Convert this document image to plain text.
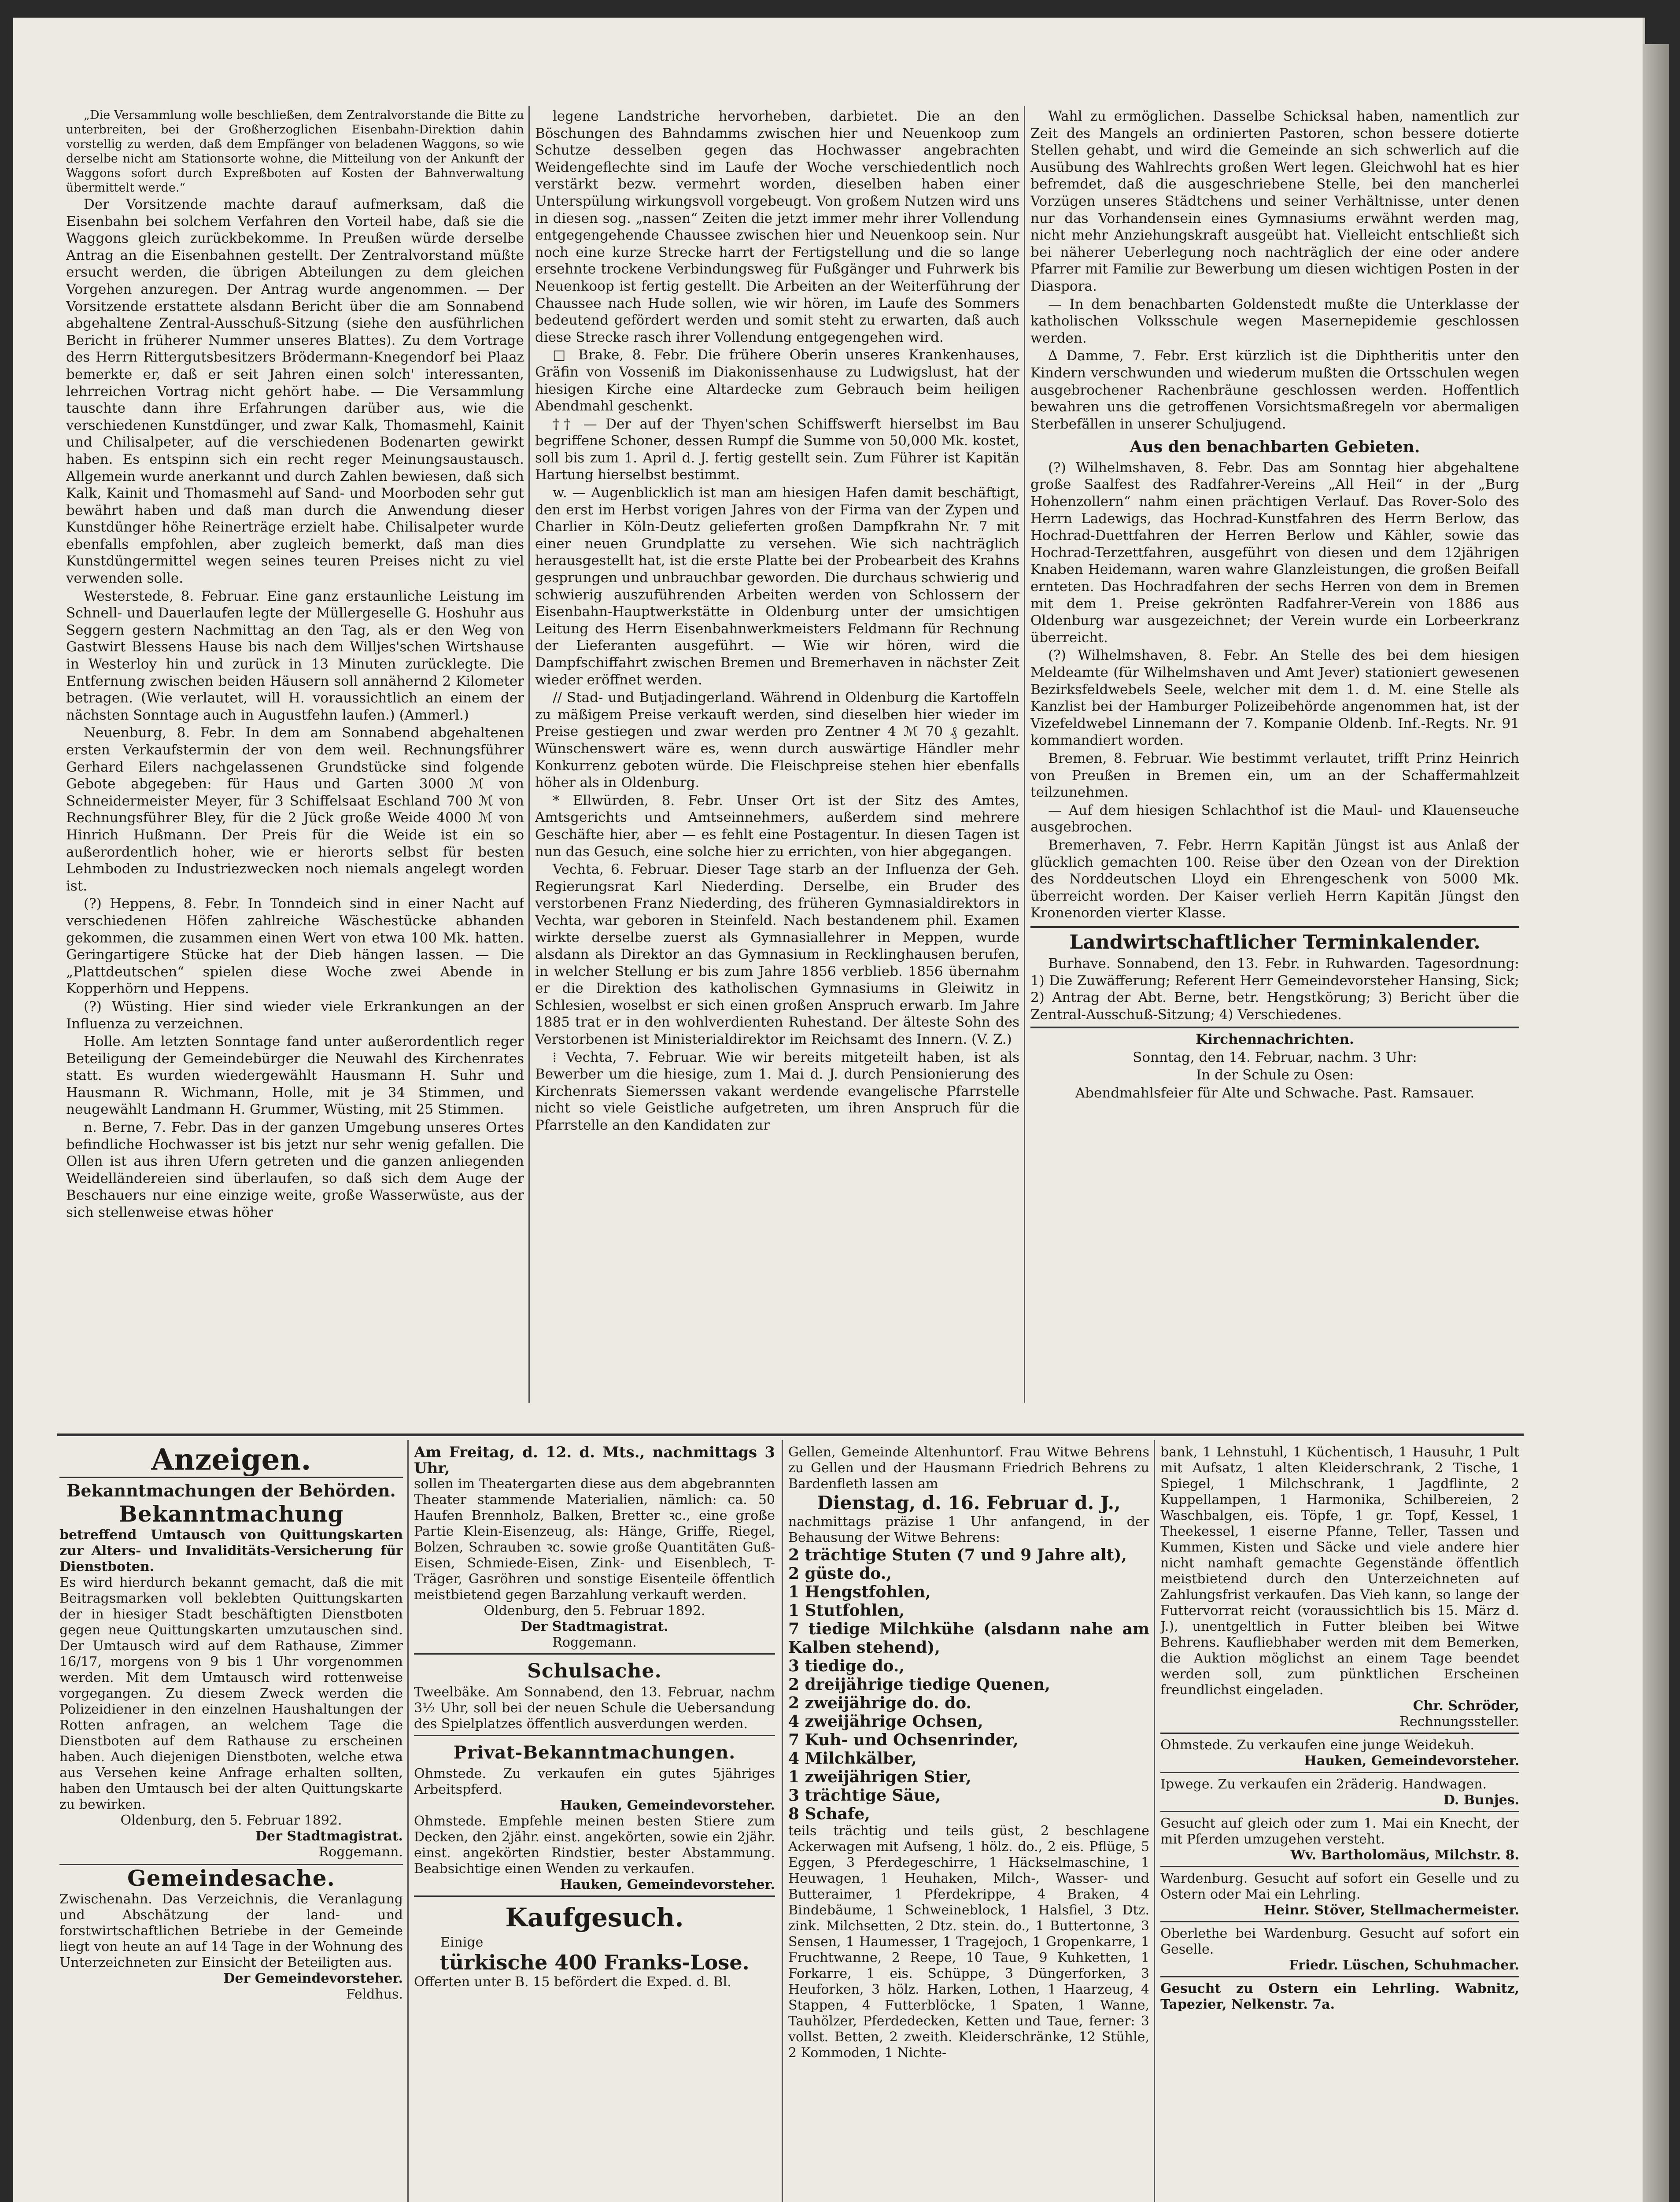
„Die Versammlung wolle beschließen, dem Zentralvorstande die Bitte zu unterbreiten, bei der Großherzoglichen Eisenbahn-Direktion dahin vorstellig zu werden, daß dem Empfänger von beladenen Waggons, so wie derselbe nicht am Stationsorte wohne, die Mitteilung von der Ankunft der Waggons sofort durch Expreßboten auf Kosten der Bahnverwaltung übermittelt werde.“

Der Vorsitzende machte darauf aufmerksam, daß die Eisenbahn bei solchem Verfahren den Vorteil habe, daß sie die Waggons gleich zurückbekomme. In Preußen würde derselbe Antrag an die Eisenbahnen gestellt. Der Zentralvorstand müßte ersucht werden, die übrigen Abteilungen zu dem gleichen Vorgehen anzuregen. Der Antrag wurde angenommen. — Der Vorsitzende erstattete alsdann Bericht über die am Sonnabend abgehaltene Zentral-Ausschuß-Sitzung (siehe den ausführlichen Bericht in früherer Nummer unseres Blattes). Zu dem Vortrage des Herrn Rittergutsbesitzers Brödermann-Knegendorf bei Plaaz bemerkte er, daß er seit Jahren einen solch' interessanten, lehrreichen Vortrag nicht gehört habe. — Die Versammlung tauschte dann ihre Erfahrungen darüber aus, wie die verschiedenen Kunstdünger, und zwar Kalk, Thomasmehl, Kainit und Chilisalpeter, auf die verschiedenen Bodenarten gewirkt haben. Es entspinn sich ein recht reger Meinungsaustausch. Allgemein wurde anerkannt und durch Zahlen bewiesen, daß sich Kalk, Kainit und Thomasmehl auf Sand- und Moorboden sehr gut bewährt haben und daß man durch die Anwendung dieser Kunstdünger höhe Reinerträge erzielt habe. Chilisalpeter wurde ebenfalls empfohlen, aber zugleich bemerkt, daß man dies Kunstdüngermittel wegen seines teuren Preises nicht zu viel verwenden solle.

Westerstede, 8. Februar. Eine ganz erstaunliche Leistung im Schnell- und Dauerlaufen legte der Müllergeselle G. Hoshuhr aus Seggern gestern Nachmittag an den Tag, als er den Weg von Gastwirt Blessens Hause bis nach dem Willjes'schen Wirtshause in Westerloy hin und zurück in 13 Minuten zurücklegte. Die Entfernung zwischen beiden Häusern soll annähernd 2 Kilometer betragen. (Wie verlautet, will H. voraussichtlich an einem der nächsten Sonntage auch in Augustfehn laufen.) (Ammerl.)

Neuenburg, 8. Febr. In dem am Sonnabend abgehaltenen ersten Verkaufstermin der von dem weil. Rechnungsführer Gerhard Eilers nachgelassenen Grundstücke sind folgende Gebote abgegeben: für Haus und Garten 3000 ℳ von Schneidermeister Meyer, für 3 Schiffelsaat Eschland 700 ℳ von Rechnungsführer Bley, für die 2 Jück große Weide 4000 ℳ von Hinrich Hußmann. Der Preis für die Weide ist ein so außerordentlich hoher, wie er hierorts selbst für besten Lehmboden zu Industriezwecken noch niemals angelegt worden ist.

(?) Heppens, 8. Febr. In Tonndeich sind in einer Nacht auf verschiedenen Höfen zahlreiche Wäschestücke abhanden gekommen, die zusammen einen Wert von etwa 100 Mk. hatten. Geringartigere Stücke hat der Dieb hängen lassen. — Die „Plattdeutschen“ spielen diese Woche zwei Abende in Kopperhörn und Heppens.

(?) Wüsting. Hier sind wieder viele Erkrankungen an der Influenza zu verzeichnen.

Holle. Am letzten Sonntage fand unter außerordentlich reger Beteiligung der Gemeindebürger die Neuwahl des Kirchenrates statt. Es wurden wiedergewählt Hausmann H. Suhr und Hausmann R. Wichmann, Holle, mit je 34 Stimmen, und neugewählt Landmann H. Grummer, Wüsting, mit 25 Stimmen.

n. Berne, 7. Febr. Das in der ganzen Umgebung unseres Ortes befindliche Hochwasser ist bis jetzt nur sehr wenig gefallen. Die Ollen ist aus ihren Ufern getreten und die ganzen anliegenden Weidelländereien sind überlaufen, so daß sich dem Auge der Beschauers nur eine einzige weite, große Wasserwüste, aus der sich stellenweise etwas höher

legene Landstriche hervorheben, darbietet. Die an den Böschungen des Bahndamms zwischen hier und Neuenkoop zum Schutze desselben gegen das Hochwasser angebrachten Weidengeflechte sind im Laufe der Woche verschiedentlich noch verstärkt bezw. vermehrt worden, dieselben haben einer Unterspülung wirkungsvoll vorgebeugt. Von großem Nutzen wird uns in diesen sog. „nassen“ Zeiten die jetzt immer mehr ihrer Vollendung entgegengehende Chaussee zwischen hier und Neuenkoop sein. Nur noch eine kurze Strecke harrt der Fertigstellung und die so lange ersehnte trockene Verbindungsweg für Fußgänger und Fuhrwerk bis Neuenkoop ist fertig gestellt. Die Arbeiten an der Weiterführung der Chaussee nach Hude sollen, wie wir hören, im Laufe des Sommers bedeutend gefördert werden und somit steht zu erwarten, daß auch diese Strecke rasch ihrer Vollendung entgegengehen wird.

□ Brake, 8. Febr. Die frühere Oberin unseres Krankenhauses, Gräfin von Vosseniß im Diakonissenhause zu Ludwigslust, hat der hiesigen Kirche eine Altardecke zum Gebrauch beim heiligen Abendmahl geschenkt.

†† — Der auf der Thyen'schen Schiffswerft hierselbst im Bau begriffene Schoner, dessen Rumpf die Summe von 50,000 Mk. kostet, soll bis zum 1. April d. J. fertig gestellt sein. Zum Führer ist Kapitän Hartung hierselbst bestimmt.

w. — Augenblicklich ist man am hiesigen Hafen damit beschäftigt, den erst im Herbst vorigen Jahres von der Firma van der Zypen und Charlier in Köln-Deutz gelieferten großen Dampfkrahn Nr. 7 mit einer neuen Grundplatte zu versehen. Wie sich nachträglich herausgestellt hat, ist die erste Platte bei der Probearbeit des Krahns gesprungen und unbrauchbar geworden. Die durchaus schwierig und schwierig auszuführenden Arbeiten werden von Schlossern der Eisenbahn-Hauptwerkstätte in Oldenburg unter der umsichtigen Leitung des Herrn Eisenbahnwerkmeisters Feldmann für Rechnung der Lieferanten ausgeführt. — Wie wir hören, wird die Dampfschiffahrt zwischen Bremen und Bremerhaven in nächster Zeit wieder eröffnet werden.

// Stad- und Butjadingerland. Während in Oldenburg die Kartoffeln zu mäßigem Preise verkauft werden, sind dieselben hier wieder im Preise gestiegen und zwar werden pro Zentner 4 ℳ 70 ₰ gezahlt. Wünschenswert wäre es, wenn durch auswärtige Händler mehr Konkurrenz geboten würde. Die Fleischpreise stehen hier ebenfalls höher als in Oldenburg.

* Ellwürden, 8. Febr. Unser Ort ist der Sitz des Amtes, Amtsgerichts und Amtseinnehmers, außerdem sind mehrere Geschäfte hier, aber — es fehlt eine Postagentur. In diesen Tagen ist nun das Gesuch, eine solche hier zu errichten, von hier abgegangen.

Vechta, 6. Februar. Dieser Tage starb an der Influenza der Geh. Regierungsrat Karl Niederding. Derselbe, ein Bruder des verstorbenen Franz Niederding, des früheren Gymnasialdirektors in Vechta, war geboren in Steinfeld. Nach bestandenem phil. Examen wirkte derselbe zuerst als Gymnasiallehrer in Meppen, wurde alsdann als Direktor an das Gymnasium in Recklinghausen berufen, in welcher Stellung er bis zum Jahre 1856 verblieb. 1856 übernahm er die Direktion des katholischen Gymnasiums in Gleiwitz in Schlesien, woselbst er sich einen großen Anspruch erwarb. Im Jahre 1885 trat er in den wohlverdienten Ruhestand. Der älteste Sohn des Verstorbenen ist Ministerialdirektor im Reichsamt des Innern. (V. Z.)

⁞ Vechta, 7. Februar. Wie wir bereits mitgeteilt haben, ist als Bewerber um die hiesige, zum 1. Mai d. J. durch Pensionierung des Kirchenrats Siemerssen vakant werdende evangelische Pfarrstelle nicht so viele Geistliche aufgetreten, um ihren Anspruch für die Pfarrstelle an den Kandidaten zur

Wahl zu ermöglichen. Dasselbe Schicksal haben, namentlich zur Zeit des Mangels an ordinierten Pastoren, schon bessere dotierte Stellen gehabt, und wird die Gemeinde an sich schwerlich auf die Ausübung des Wahlrechts großen Wert legen. Gleichwohl hat es hier befremdet, daß die ausgeschriebene Stelle, bei den mancherlei Vorzügen unseres Städtchens und seiner Verhältnisse, unter denen nur das Vorhandensein eines Gymnasiums erwähnt werden mag, nicht mehr Anziehungskraft ausgeübt hat. Vielleicht entschließt sich bei näherer Ueberlegung noch nachträglich der eine oder andere Pfarrer mit Familie zur Bewerbung um diesen wichtigen Posten in der Diaspora.

— In dem benachbarten Goldenstedt mußte die Unterklasse der katholischen Volksschule wegen Masernepidemie geschlossen werden.

∆ Damme, 7. Febr. Erst kürzlich ist die Diphtheritis unter den Kindern verschwunden und wiederum mußten die Ortsschulen wegen ausgebrochener Rachenbräune geschlossen werden. Hoffentlich bewahren uns die getroffenen Vorsichtsmaßregeln vor abermaligen Sterbefällen in unserer Schuljugend.

Aus den benachbarten Gebieten.

(?) Wilhelmshaven, 8. Febr. Das am Sonntag hier abgehaltene große Saalfest des Radfahrer-Vereins „All Heil“ in der „Burg Hohenzollern“ nahm einen prächtigen Verlauf. Das Rover-Solo des Herrn Ladewigs, das Hochrad-Kunstfahren des Herrn Berlow, das Hochrad-Duettfahren der Herren Berlow und Kähler, sowie das Hochrad-Terzettfahren, ausgeführt von diesen und dem 12jährigen Knaben Heidemann, waren wahre Glanzleistungen, die großen Beifall ernteten. Das Hochradfahren der sechs Herren von dem in Bremen mit dem 1. Preise gekrönten Radfahrer-Verein von 1886 aus Oldenburg war ausgezeichnet; der Verein wurde ein Lorbeerkranz überreicht.

(?) Wilhelmshaven, 8. Febr. An Stelle des bei dem hiesigen Meldeamte (für Wilhelmshaven und Amt Jever) stationiert gewesenen Bezirksfeldwebels Seele, welcher mit dem 1. d. M. eine Stelle als Kanzlist bei der Hamburger Polizeibehörde angenommen hat, ist der Vizefeldwebel Linnemann der 7. Kompanie Oldenb. Inf.-Regts. Nr. 91 kommandiert worden.

Bremen, 8. Februar. Wie bestimmt verlautet, trifft Prinz Heinrich von Preußen in Bremen ein, um an der Schaffermahlzeit teilzunehmen.

— Auf dem hiesigen Schlachthof ist die Maul- und Klauenseuche ausgebrochen.

Bremerhaven, 7. Febr. Herrn Kapitän Jüngst ist aus Anlaß der glücklich gemachten 100. Reise über den Ozean von der Direktion des Norddeutschen Lloyd ein Ehrengeschenk von 5000 Mk. überreicht worden. Der Kaiser verlieh Herrn Kapitän Jüngst den Kronenorden vierter Klasse.

Landwirtschaftlicher Terminkalender.

Burhave. Sonnabend, den 13. Febr. in Ruhwarden. Tagesordnung: 1) Die Zuwäfferung; Referent Herr Gemeindevorsteher Hansing, Sick; 2) Antrag der Abt. Berne, betr. Hengstkörung; 3) Bericht über die Zentral-Ausschuß-Sitzung; 4) Verschiedenes.

Kirchennachrichten.

Sonntag, den 14. Februar, nachm. 3 Uhr:

In der Schule zu Osen:

Abendmahlsfeier für Alte und Schwache. Past. Ramsauer.

Anzeigen.
Bekanntmachungen der Behörden.
Bekanntmachung

betreffend Umtausch von Quittungskarten zur Alters- und Invaliditäts-Versicherung für Dienstboten.

Es wird hierdurch bekannt gemacht, daß die mit Beitragsmarken voll beklebten Quittungskarten der in hiesiger Stadt beschäftigten Dienstboten gegen neue Quittungskarten umzutauschen sind. Der Umtausch wird auf dem Rathause, Zimmer 16/17, morgens von 9 bis 1 Uhr vorgenommen werden. Mit dem Umtausch wird rottenweise vorgegangen. Zu diesem Zweck werden die Polizeidiener in den einzelnen Haushaltungen der Rotten anfragen, an welchem Tage die Dienstboten auf dem Rathause zu erscheinen haben. Auch diejenigen Dienstboten, welche etwa aus Versehen keine Anfrage erhalten sollten, haben den Umtausch bei der alten Quittungskarte zu bewirken.

Oldenburg, den 5. Februar 1892.

Der Stadtmagistrat.

Roggemann.

Gemeindesache.

Zwischenahn. Das Verzeichnis, die Veranlagung und Abschätzung der land- und forstwirtschaftlichen Betriebe in der Gemeinde liegt von heute an auf 14 Tage in der Wohnung des Unterzeichneten zur Einsicht der Beteiligten aus.

Der Gemeindevorsteher.

Feldhus.

Am Freitag, d. 12. d. Mts., nachmittags 3 Uhr,

sollen im Theatergarten diese aus dem abgebrannten Theater stammende Materialien, nämlich: ca. 50 Haufen Brennholz, Balken, Bretter ꝛc., eine große Partie Klein-Eisenzeug, als: Hänge, Griffe, Riegel, Bolzen, Schrauben ꝛc. sowie große Quantitäten Guß-Eisen, Schmiede-Eisen, Zink- und Eisenblech, T-Träger, Gasröhren und sonstige Eisenteile öffentlich meistbietend gegen Barzahlung verkauft werden.

Oldenburg, den 5. Februar 1892.

Der Stadtmagistrat.

Roggemann.

Schulsache.

Tweelbäke. Am Sonnabend, den 13. Februar, nachm 3½ Uhr, soll bei der neuen Schule die Uebersandung des Spielplatzes öffentlich ausverdungen werden.

Privat-Bekanntmachungen.

Ohmstede. Zu verkaufen ein gutes 5jähriges Arbeitspferd.

Hauken, Gemeindevorsteher.

Ohmstede. Empfehle meinen besten Stiere zum Decken, den 2jähr. einst. angekörten, sowie ein 2jähr. einst. angekörten Rindstier, bester Abstammung. Beabsichtige einen Wenden zu verkaufen.

Hauken, Gemeindevorsteher.

Kaufgesuch.

Einige

türkische 400 Franks-Lose.

Offerten unter B. 15 befördert die Exped. d. Bl.

Gellen, Gemeinde Altenhuntorf. Frau Witwe Behrens zu Gellen und der Hausmann Friedrich Behrens zu Bardenfleth lassen am

Dienstag, d. 16. Februar d. J.,

nachmittags präzise 1 Uhr anfangend, in der Behausung der Witwe Behrens:

2 trächtige Stuten (7 und 9 Jahre alt),

2 güste do.,

1 Hengstfohlen,

1 Stutfohlen,

7 tiedige Milchkühe (alsdann nahe am Kalben stehend),

3 tiedige do.,

2 dreijährige tiedige Quenen,

2 zweijährige do. do.

4 zweijährige Ochsen,

7 Kuh- und Ochsenrinder,

4 Milchkälber,

1 zweijährigen Stier,

3 trächtige Säue,

8 Schafe,

teils trächtig und teils güst, 2 beschlagene Ackerwagen mit Aufseng, 1 hölz. do., 2 eis. Pflüge, 5 Eggen, 3 Pferdegeschirre, 1 Häckselmaschine, 1 Heuwagen, 1 Heuhaken, Milch-, Wasser- und Butteraimer, 1 Pferdekrippe, 4 Braken, 4 Bindebäume, 1 Schweineblock, 1 Halsfiel, 3 Dtz. zink. Milchsetten, 2 Dtz. stein. do., 1 Buttertonne, 3 Sensen, 1 Haumesser, 1 Tragejoch, 1 Gropenkarre, 1 Fruchtwanne, 2 Reepe, 10 Taue, 9 Kuhketten, 1 Forkarre, 1 eis. Schüppe, 3 Düngerforken, 3 Heuforken, 3 hölz. Harken, Lothen, 1 Haarzeug, 4 Stappen, 4 Futterblöcke, 1 Spaten, 1 Wanne, Tauhölzer, Pferdedecken, Ketten und Taue, ferner: 3 vollst. Betten, 2 zweith. Kleiderschränke, 12 Stühle, 2 Kommoden, 1 Nichte-

bank, 1 Lehnstuhl, 1 Küchentisch, 1 Hausuhr, 1 Pult mit Aufsatz, 1 alten Kleiderschrank, 2 Tische, 1 Spiegel, 1 Milchschrank, 1 Jagdflinte, 2 Kuppellampen, 1 Harmonika, Schilbereien, 2 Waschbalgen, eis. Töpfe, 1 gr. Topf, Kessel, 1 Theekessel, 1 eiserne Pfanne, Teller, Tassen und Kummen, Kisten und Säcke und viele andere hier nicht namhaft gemachte Gegenstände öffentlich meistbietend durch den Unterzeichneten auf Zahlungsfrist verkaufen. Das Vieh kann, so lange der Futtervorrat reicht (voraussichtlich bis 15. März d. J.), unentgeltlich in Futter bleiben bei Witwe Behrens. Kaufliebhaber werden mit dem Bemerken, die Auktion möglichst an einem Tage beendet werden soll, zum pünktlichen Erscheinen freundlichst eingeladen.

Chr. Schröder,

Rechnungssteller.

Ohmstede. Zu verkaufen eine junge Weidekuh.

Hauken, Gemeindevorsteher.

Ipwege. Zu verkaufen ein 2räderig. Handwagen.

D. Bunjes.

Gesucht auf gleich oder zum 1. Mai ein Knecht, der mit Pferden umzugehen versteht.

Wv. Bartholomäus, Milchstr. 8.

Wardenburg. Gesucht auf sofort ein Geselle und zu Ostern oder Mai ein Lehrling.

Heinr. Stöver, Stellmachermeister.

Oberlethe bei Wardenburg. Gesucht auf sofort ein Geselle.

Friedr. Lüschen, Schuhmacher.

Gesucht zu Ostern ein Lehrling. Wabnitz, Tapezier, Nelkenstr. 7a.
